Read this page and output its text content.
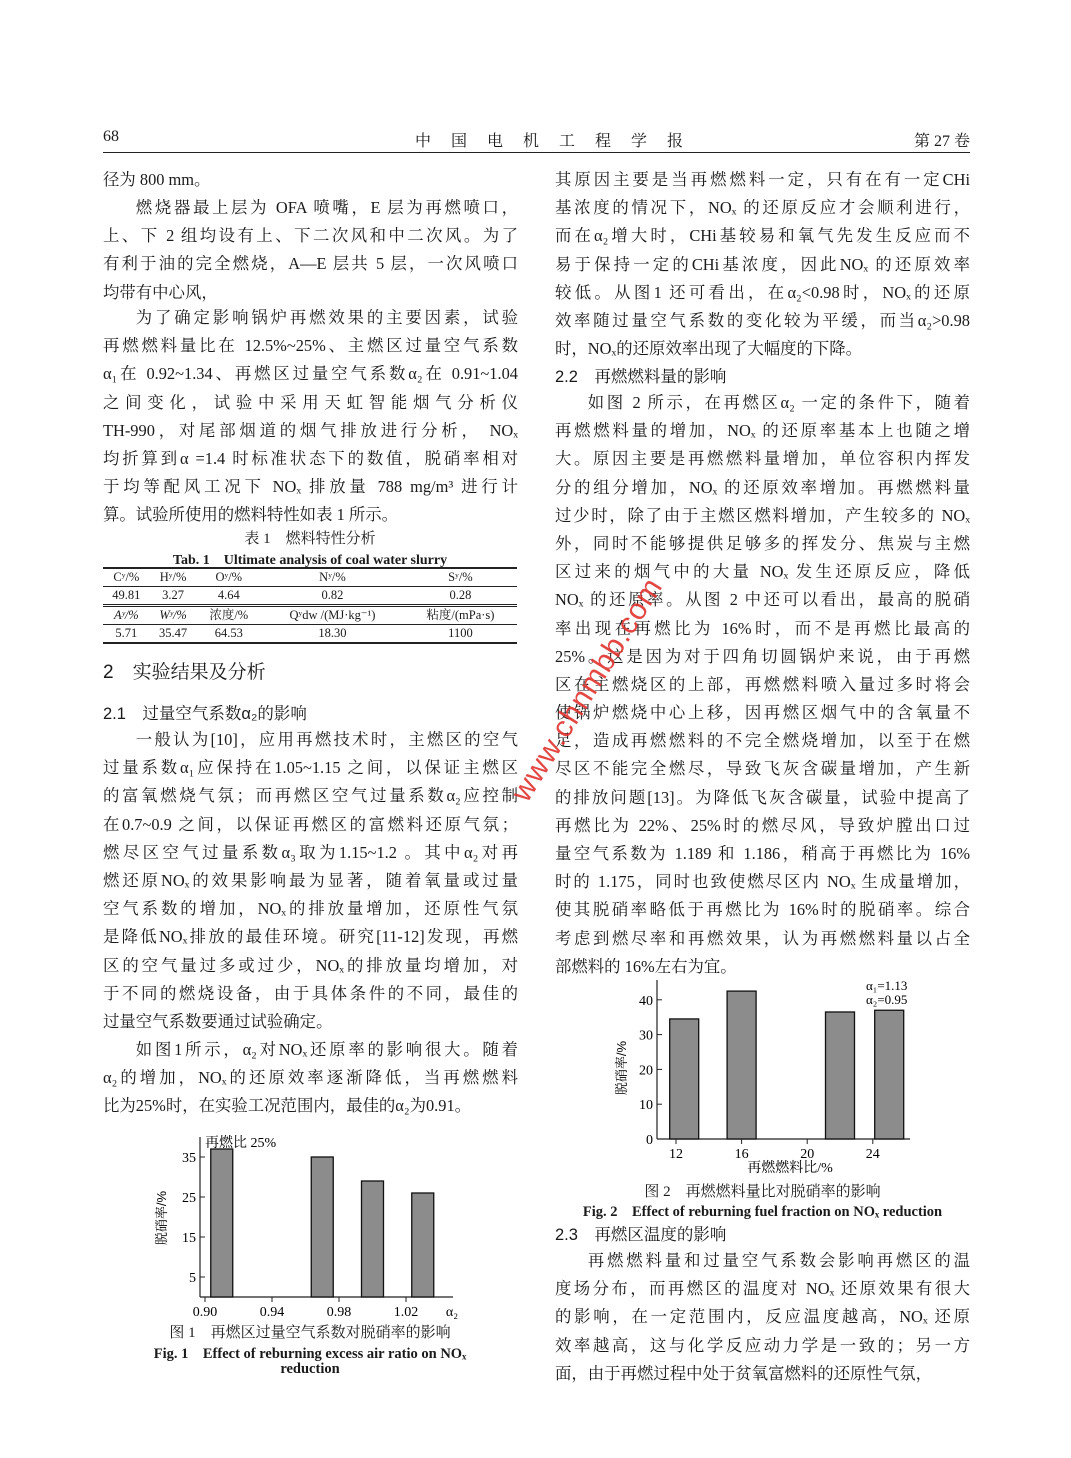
68	中 国 电 机 工 程 学 报	第 27 卷
径为 800 mm。
燃烧器最上层为 OFA 喷嘴，E 层为再燃喷口，
上、下 2 组均设有上、下二次风和中二次风。为了
有利于油的完全燃烧，A—E 层共 5 层，一次风喷口
均带有中心风，
为了确定影响锅炉再燃效果的主要因素，试验
再燃燃料量比在 12.5%~25%、主燃区过量空气系数
α₁在 0.92~1.34、再燃区过量空气系数α₂在 0.91~1.04
之间变化，试验中采用天虹智能烟气分析仪
TH-990，对尾部烟道的烟气排放进行分析， NOₓ
均折算到α =1.4 时标准状态下的数值，脱硝率相对
于均等配风工况下 NOₓ 排放量 788 mg/m³ 进行计
算。试验所使用的燃料特性如表 1 所示。
表 1　燃料特性分析
Tab. 1　Ultimate analysis of coal water slurry
Cʸ/%	Hʸ/%	Oʸ/%	Nʸ/%	Sʸ/%
49.81	3.27	4.64	0.82	0.28
Aʸ/%	Wʸ/%	浓度/%	Qʸdw /(MJ·kg⁻¹)	粘度/(mPa·s)
5.71	35.47	64.53	18.30	1100
2　实验结果及分析
2.1　过量空气系数α₂的影响
一般认为[10]，应用再燃技术时，主燃区的空气
过量系数α₁应保持在1.05~1.15 之间，以保证主燃区
的富氧燃烧气氛；而再燃区空气过量系数α₂应控制
在0.7~0.9 之间，以保证再燃区的富燃料还原气氛；
燃尽区空气过量系数α₃取为1.15~1.2 。其中α₂对再
燃还原NOₓ的效果影响最为显著，随着氧量或过量
空气系数的增加，NOₓ的排放量增加，还原性气氛
是降低NOₓ排放的最佳环境。研究[11-12]发现，再燃
区的空气量过多或过少，NOₓ的排放量均增加，对
于不同的燃烧设备，由于具体条件的不同，最佳的
过量空气系数要通过试验确定。
如图1所示，α₂对NOₓ还原率的影响很大。随着
α₂的增加，NOₓ的还原效率逐渐降低，当再燃燃料
比为25%时，在实验工况范围内，最佳的α₂为0.91。
图 1　再燃区过量空气系数对脱硝率的影响
Fig. 1　Effect of reburning excess air ratio on NOₓ
reduction
其原因主要是当再燃燃料一定，只有在有一定CHi
基浓度的情况下，NOₓ 的还原反应才会顺利进行，
而在α₂增大时，CHi基较易和氧气先发生反应而不
易于保持一定的CHi基浓度，因此NOₓ 的还原效率
较低。从图1 还可看出，在α₂<0.98时，NOₓ的还原
效率随过量空气系数的变化较为平缓，而当α₂>0.98
时，NOₓ的还原效率出现了大幅度的下降。
2.2　再燃燃料量的影响
如图 2 所示，在再燃区α₂ 一定的条件下，随着
再燃燃料量的增加，NOₓ 的还原率基本上也随之增
大。原因主要是再燃燃料量增加，单位容积内挥发
分的组分增加，NOₓ 的还原效率增加。再燃燃料量
过少时，除了由于主燃区燃料增加，产生较多的 NOₓ
外，同时不能够提供足够多的挥发分、焦炭与主燃
区过来的烟气中的大量 NOₓ 发生还原反应，降低
NOₓ 的还原率。从图 2 中还可以看出，最高的脱硝
率出现在再燃比为 16%时，而不是再燃比最高的
25%。这是因为对于四角切圆锅炉来说，由于再燃
区在主燃烧区的上部，再燃燃料喷入量过多时将会
使锅炉燃烧中心上移，因再燃区烟气中的含氧量不
足，造成再燃燃料的不完全燃烧增加，以至于在燃
尽区不能完全燃尽，导致飞灰含碳量增加，产生新
的排放问题[13]。为降低飞灰含碳量，试验中提高了
再燃比为 22%、25%时的燃尽风，导致炉膛出口过
量空气系数为 1.189 和 1.186，稍高于再燃比为 16%
时的 1.175，同时也致使燃尽区内 NOₓ 生成量增加，
使其脱硝率略低于再燃比为 16%时的脱硝率。综合
考虑到燃尽率和再燃效果，认为再燃燃料量以占全
部燃料的 16%左右为宜。
图 2　再燃燃料量比对脱硝率的影响
Fig. 2　Effect of reburning fuel fraction on NOₓ reduction
2.3　再燃区温度的影响
再燃燃料量和过量空气系数会影响再燃区的温
度场分布，而再燃区的温度对 NOₓ 还原效果有很大
的影响，在一定范围内，反应温度越高，NOₓ 还原
效率越高，这与化学反应动力学是一致的；另一方
面，由于再燃过程中处于贫氧富燃料的还原性气氛，
www.chnmbb.com
5
15
25
35
0.90	0.94	0.98	1.02
脱硝率/%
α₂
再燃比 25%	0
10
20
30
40
12	16	20	24
脱硝率/%
再燃燃料比/%
α₁=1.13
α₂=0.95
